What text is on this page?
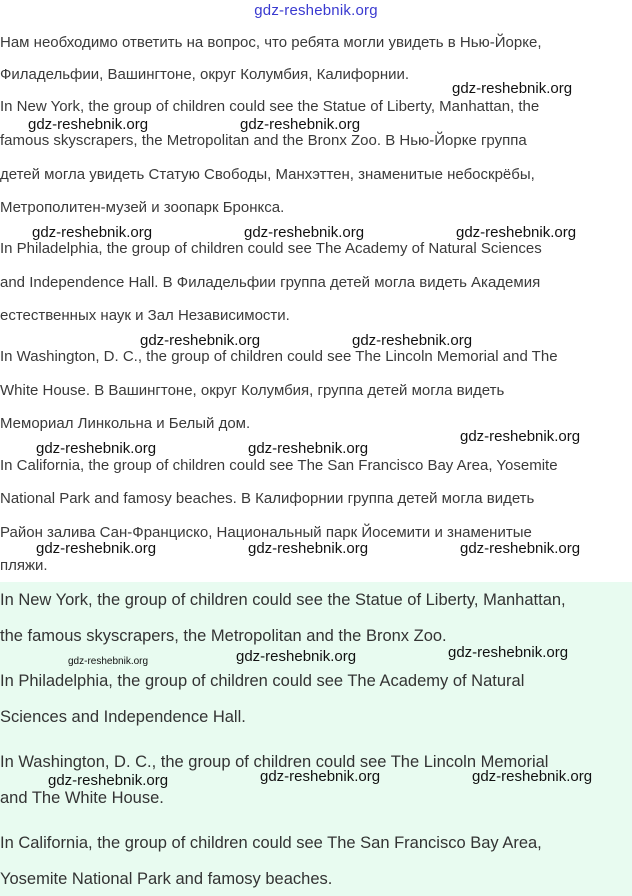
gdz-reshebnik.org
Нам необходимо ответить на вопрос, что ребята могли увидеть в Нью-Йорке,
Филадельфии, Вашингтоне, округ Колумбия, Калифорнии.
In New York, the group of children could see the Statue of Liberty, Manhattan, the
famous skyscrapers, the Metropolitan and the Bronx Zoo. В Нью-Йорке группа
детей могла увидеть Статую Свободы, Манхэттен, знаменитые небоскрёбы,
Метрополитен-музей и зоопарк Бронкса.
In Philadelphia, the group of children could see The Academy of Natural Sciences
and Independence Hall. В Филадельфии группа детей могла видеть Академия
естественных наук и Зал Независимости.
In Washington, D. C., the group of children could see The Lincoln Memorial and The
White House. В Вашингтоне, округ Колумбия, группа детей могла видеть
Мемориал Линкольна и Белый дом.
In California, the group of children could see The San Francisco Bay Area, Yosemite
National Park and famosy beaches. В Калифорнии группа детей могла видеть
Район залива Сан-Франциско, Национальный парк Йосемити и знаменитые
пляжи.
In New York, the group of children could see the Statue of Liberty, Manhattan,
the famous skyscrapers, the Metropolitan and the Bronx Zoo.
In Philadelphia, the group of children could see The Academy of Natural
Sciences and Independence Hall.
In Washington, D. C., the group of children could see The Lincoln Memorial
and The White House.
In California, the group of children could see The San Francisco Bay Area,
Yosemite National Park and famosy beaches.
gdz-reshebnik.org
gdz-reshebnik.org	gdz-reshebnik.org
gdz-reshebnik.org	gdz-reshebnik.org	gdz-reshebnik.org
gdz-reshebnik.org	gdz-reshebnik.org
gdz-reshebnik.org
gdz-reshebnik.org	gdz-reshebnik.org
gdz-reshebnik.org	gdz-reshebnik.org	gdz-reshebnik.org
gdz-reshebnik.org	gdz-reshebnik.org	gdz-reshebnik.org
gdz-reshebnik.org	gdz-reshebnik.org
gdz-reshebnik.org
